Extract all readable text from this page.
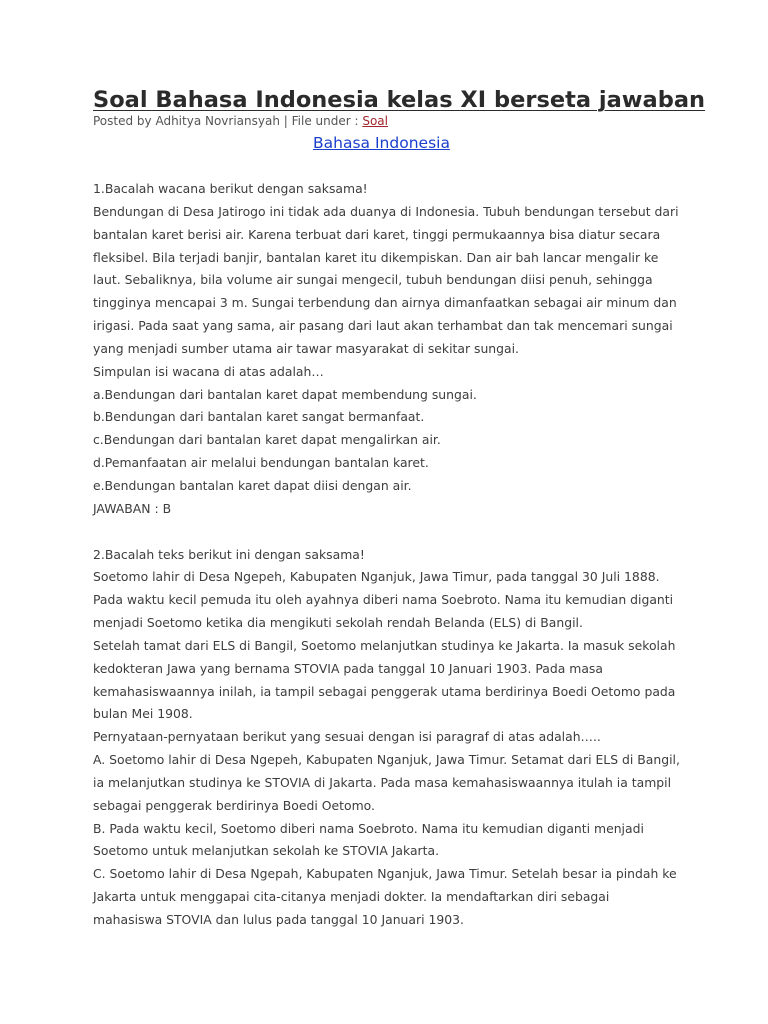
Soal Bahasa Indonesia kelas XI berseta jawaban
Posted by Adhitya Novriansyah | File under : Soal
Bahasa Indonesia

1.Bacalah wacana berikut dengan saksama!

Bendungan di Desa Jatirogo ini tidak ada duanya di Indonesia. Tubuh bendungan tersebut dari

bantalan karet berisi air. Karena terbuat dari karet, tinggi permukaannya bisa diatur secara

fleksibel. Bila terjadi banjir, bantalan karet itu dikempiskan. Dan air bah lancar mengalir ke

laut. Sebaliknya, bila volume air sungai mengecil, tubuh bendungan diisi penuh, sehingga

tingginya mencapai 3 m. Sungai terbendung dan airnya dimanfaatkan sebagai air minum dan

irigasi. Pada saat yang sama, air pasang dari laut akan terhambat dan tak mencemari sungai

yang menjadi sumber utama air tawar masyarakat di sekitar sungai.

Simpulan isi wacana di atas adalah…

a.Bendungan dari bantalan karet dapat membendung sungai.

b.Bendungan dari bantalan karet sangat bermanfaat.

c.Bendungan dari bantalan karet dapat mengalirkan air.

d.Pemanfaatan air melalui bendungan bantalan karet.

e.Bendungan bantalan karet dapat diisi dengan air.

JAWABAN : B

2.Bacalah teks berikut ini dengan saksama!

Soetomo lahir di Desa Ngepeh, Kabupaten Nganjuk, Jawa Timur, pada tanggal 30 Juli 1888.

Pada waktu kecil pemuda itu oleh ayahnya diberi nama Soebroto. Nama itu kemudian diganti

menjadi Soetomo ketika dia mengikuti sekolah rendah Belanda (ELS) di Bangil.

Setelah tamat dari ELS di Bangil, Soetomo melanjutkan studinya ke Jakarta. Ia masuk sekolah

kedokteran Jawa yang bernama STOVIA pada tanggal 10 Januari 1903. Pada masa

kemahasiswaannya inilah, ia tampil sebagai penggerak utama berdirinya Boedi Oetomo pada

bulan Mei 1908.

Pernyataan-pernyataan berikut yang sesuai dengan isi paragraf di atas adalah…..

A. Soetomo lahir di Desa Ngepeh, Kabupaten Nganjuk, Jawa Timur. Setamat dari ELS di Bangil,

ia melanjutkan studinya ke STOVIA di Jakarta. Pada masa kemahasiswaannya itulah ia tampil

sebagai penggerak berdirinya Boedi Oetomo.

B. Pada waktu kecil, Soetomo diberi nama Soebroto. Nama itu kemudian diganti menjadi

Soetomo untuk melanjutkan sekolah ke STOVIA Jakarta.

C. Soetomo lahir di Desa Ngepah, Kabupaten Nganjuk, Jawa Timur. Setelah besar ia pindah ke

Jakarta untuk menggapai cita-citanya menjadi dokter. Ia mendaftarkan diri sebagai

mahasiswa STOVIA dan lulus pada tanggal 10 Januari 1903.
